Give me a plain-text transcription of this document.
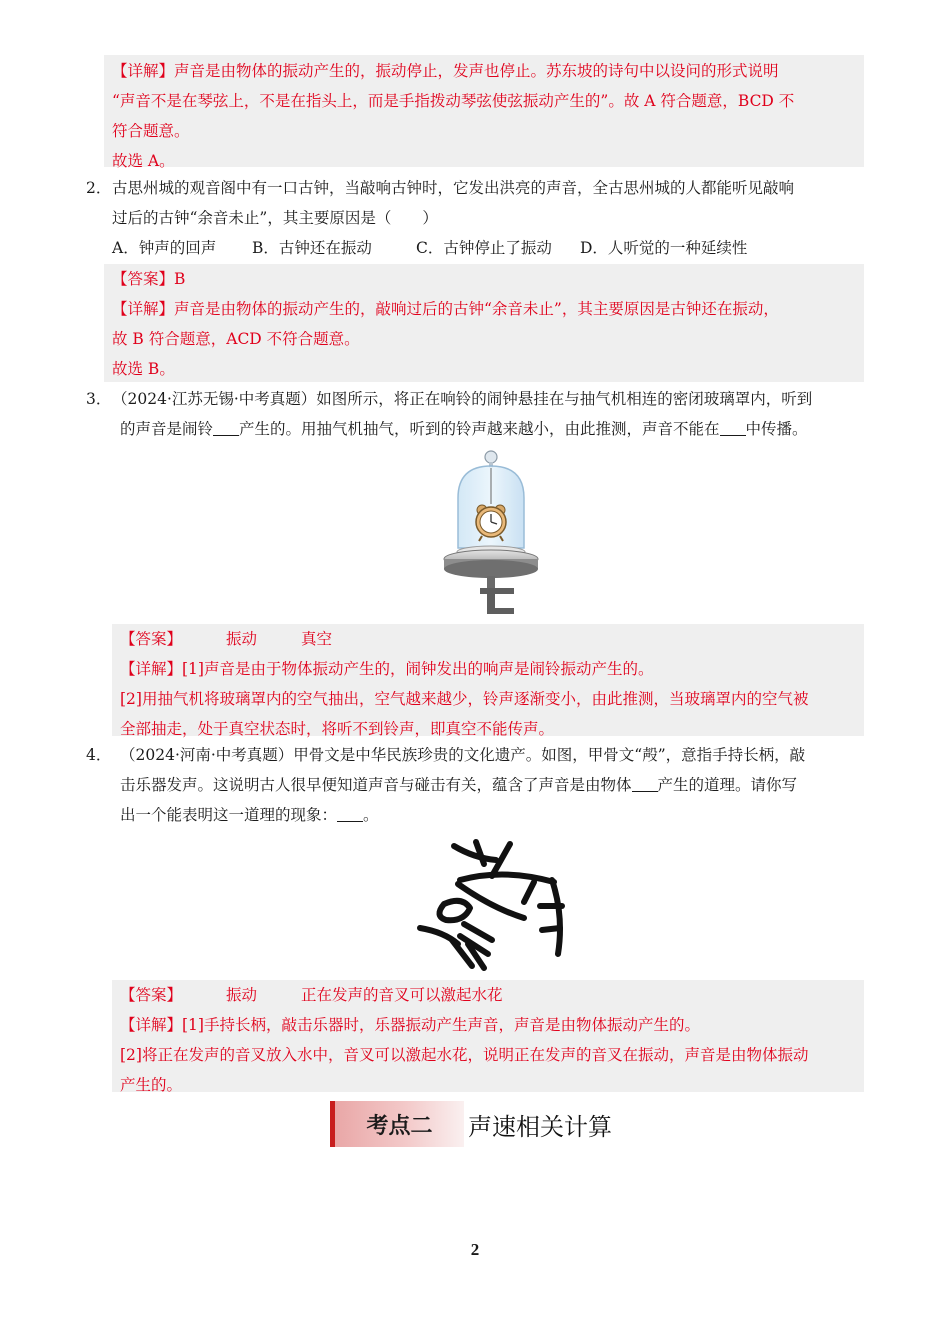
【详解】声音是由物体的振动产生的，振动停止，发声也停止。苏东坡的诗句中以设问的形式说明

“声音不是在琴弦上，不是在指头上，而是手指拨动琴弦使弦振动产生的”。故 A 符合题意，BCD 不

符合题意。

故选 A。

2． 古思州城的观音阁中有一口古钟，当敲响古钟时，它发出洪亮的声音，全古思州城的人都能听见敲响

过后的古钟“余音未止”，其主要原因是（　　）

A．钟声的回声 B．古钟还在振动	C．古钟停止了振动 D．人听觉的一种延续性

【答案】B

【详解】声音是由物体的振动产生的，敲响过后的古钟“余音未止”，其主要原因是古钟还在振动，

故 B 符合题意，ACD 不符合题意。

故选 B。

3． （2024·江苏无锡·中考真题）如图所示，将正在响铃的闹钟悬挂在与抽气机相连的密闭玻璃罩内，听到

的声音是闹铃 产生的。用抽气机抽气，听到的铃声越来越小，由此推测，声音不能在 中传播。

【答案】	振动	真空

【详解】[1]声音是由于物体振动产生的，闹钟发出的响声是闹铃振动产生的。

[2]用抽气机将玻璃罩内的空气抽出，空气越来越少，铃声逐渐变小，由此推测，当玻璃罩内的空气被

全部抽走，处于真空状态时，将听不到铃声，即真空不能传声。

4． （2024·河南·中考真题）甲骨文是中华民族珍贵的文化遗产。如图，甲骨文“殸”，意指手持长柄，敲

击乐器发声。这说明古人很早便知道声音与碰击有关，蕴含了声音是由物体 产生的道理。请你写

出一个能表明这一道理的现象： 。

【答案】	振动	正在发声的音叉可以激起水花

【详解】[1]手持长柄，敲击乐器时，乐器振动产生声音，声音是由物体振动产生的。

[2]将正在发声的音叉放入水中，音叉可以激起水花，说明正在发声的音叉在振动，声音是由物体振动

产生的。

考点二	声速相关计算
2
